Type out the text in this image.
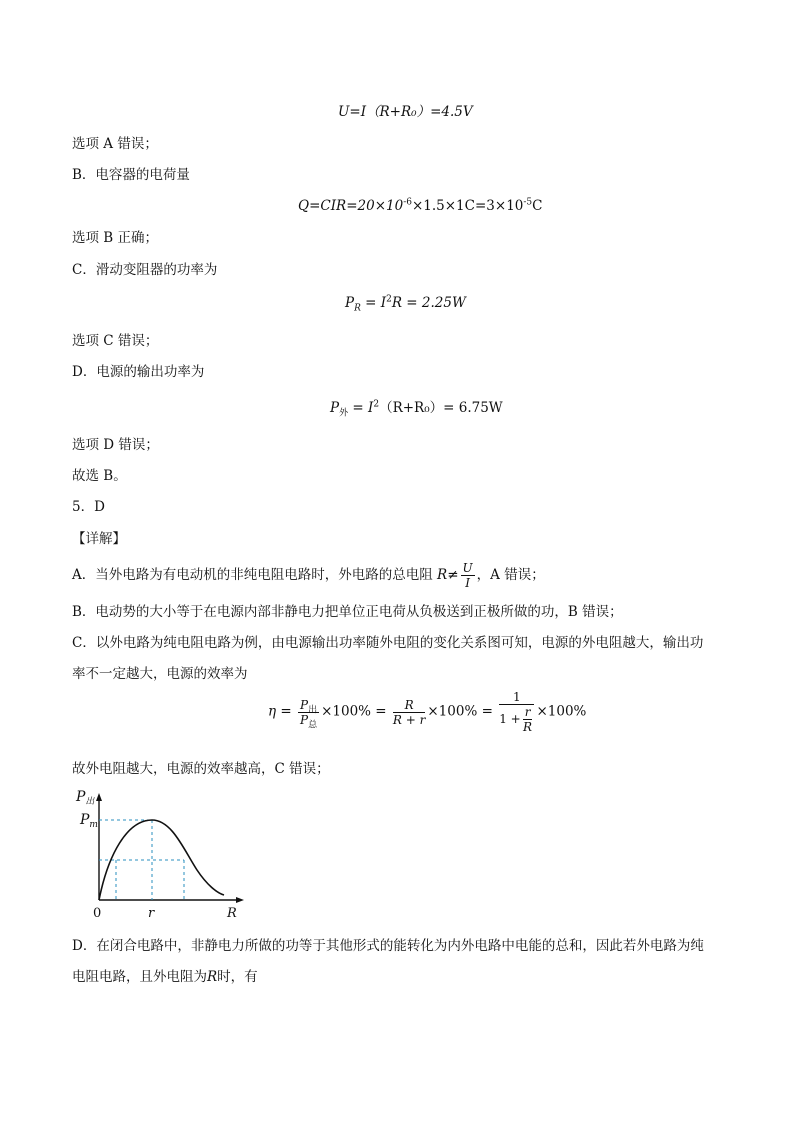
U=I（R+R₀）=4.5V
选项 A 错误；
B．电容器的电荷量
$Q=CIR=20\times 10^{-6}\times 1.5\times 1C=3\times 10^{-5}C$
选项 B 正确；
C．滑动变阻器的功率为
$P_R = I^2R = 2.25W$
选项 C 错误；
D．电源的输出功率为
$P_外 = I^2(R+R_0)= 6.75W$
选项 D 错误；
故选 B。
5．D
【详解】
A．当外电路为有电动机的非纯电阻电路时，外电路的总电阻 $R\ne \frac{U}{I}$ ，A 错误；
B．电动势的大小等于在电源内部非静电力把单位正电荷从负极送到正极所做的功，B 错误；
C．以外电路为纯电阻电路为例，由电源输出功率随外电阻的变化关系图可知，电源的外电阻越大，输出功
率不一定越大，电源的效率为
$\eta = \frac{P_出}{P_总} \times 100\% = \frac{R}{R + r} \times 100\% = \frac{1}{1 + \frac{r}{R}} \times 100\%$
故外电阻越大，电源的效率越高，C 错误；
$P_出$
$P_m$
0	r	R
D．在闭合电路中，非静电力所做的功等于其他形式的能转化为内外电路中电能的总和，因此若外电路为纯
电阻电路，且外电阻为R时，有
